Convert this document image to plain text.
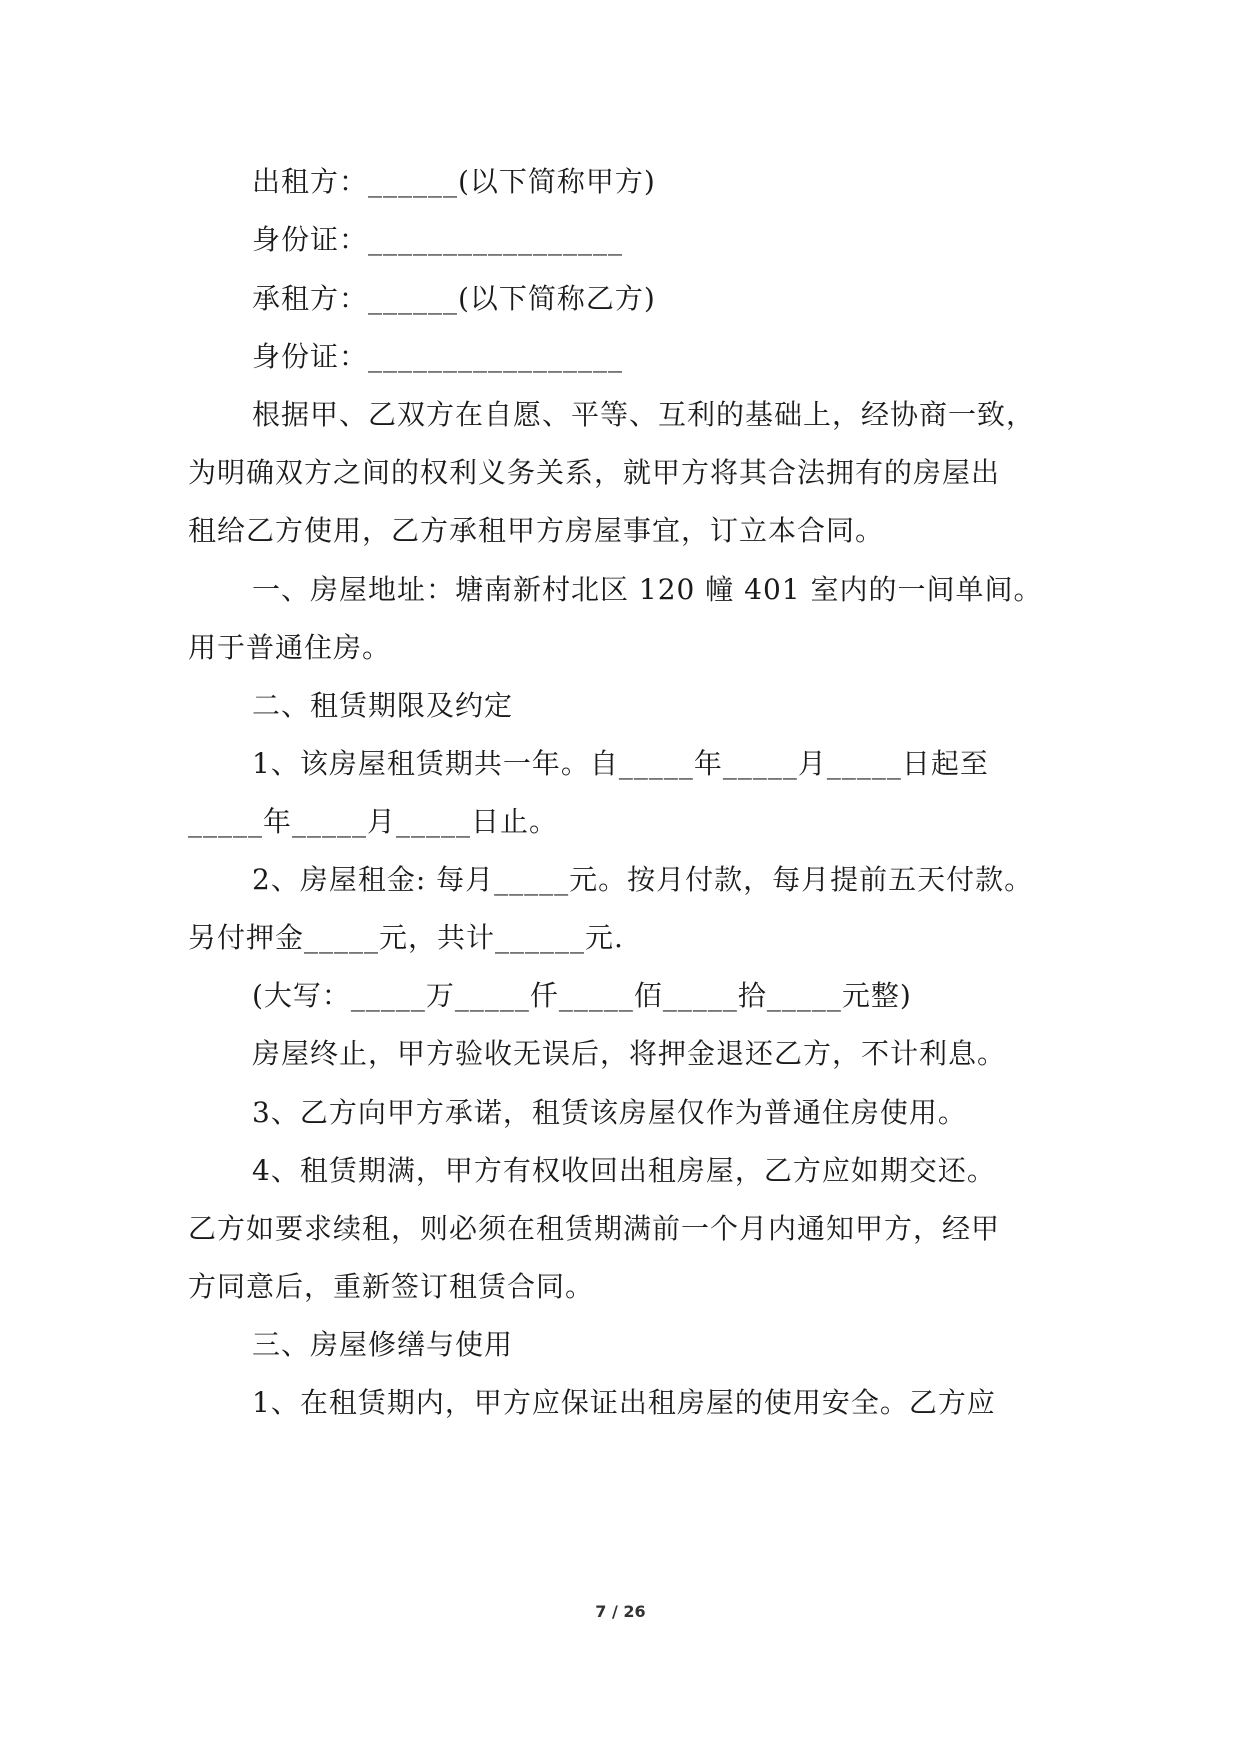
出租方：______(以下简称甲方)
身份证：_________________
承租方：______(以下简称乙方)
身份证：_________________
根据甲、乙双方在自愿、平等、互利的基础上，经协商一致，
为明确双方之间的权利义务关系，就甲方将其合法拥有的房屋出
租给乙方使用，乙方承租甲方房屋事宜，订立本合同。
一、房屋地址：塘南新村北区 120 幢 401 室内的一间单间。
用于普通住房。
二、租赁期限及约定
1、该房屋租赁期共一年。自_____年_____月_____日起至
_____年_____月_____日止。
2、房屋租金: 每月_____元。按月付款，每月提前五天付款。
另付押金_____元，共计______元.
(大写：_____万_____仟_____佰_____拾_____元整)
房屋终止，甲方验收无误后，将押金退还乙方，不计利息。
3、乙方向甲方承诺，租赁该房屋仅作为普通住房使用。
4、租赁期满，甲方有权收回出租房屋，乙方应如期交还。
乙方如要求续租，则必须在租赁期满前一个月内通知甲方，经甲
方同意后，重新签订租赁合同。
三、房屋修缮与使用
1、在租赁期内，甲方应保证出租房屋的使用安全。乙方应
7 / 26
